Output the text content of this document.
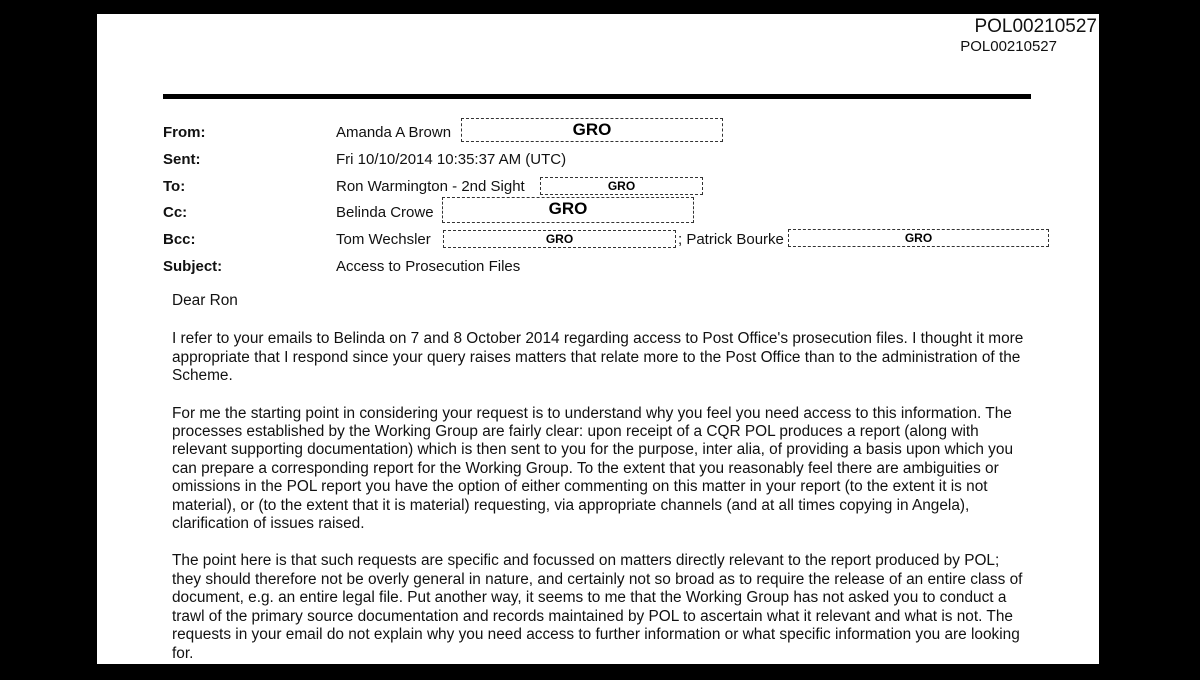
POL00210527
POL00210527
From:	Amanda A Brown	GRO
Sent:	Fri 10/10/2014 10:35:37 AM (UTC)
To:	Ron Warmington - 2nd Sight	GRO
Cc:	Belinda Crowe	GRO
Bcc:	Tom Wechsler	GRO	; Patrick Bourke	GRO
Subject:	Access to Prosecution Files

Dear Ron

I refer to your emails to Belinda on 7 and 8 October 2014 regarding access to Post Office's prosecution files. I thought it more appropriate that I respond since your query raises matters that relate more to the Post Office than to the administration of the Scheme.

For me the starting point in considering your request is to understand why you feel you need access to this information. The processes established by the Working Group are fairly clear: upon receipt of a CQR POL produces a report (along with relevant supporting documentation) which is then sent to you for the purpose, inter alia, of providing a basis upon which you can prepare a corresponding report for the Working Group. To the extent that you reasonably feel there are ambiguities or omissions in the POL report you have the option of either commenting on this matter in your report (to the extent it is not material), or (to the extent that it is material) requesting, via appropriate channels (and at all times copying in Angela), clarification of issues raised.

The point here is that such requests are specific and focussed on matters directly relevant to the report produced by POL; they should therefore not be overly general in nature, and certainly not so broad as to require the release of an entire class of document, e.g. an entire legal file. Put another way, it seems to me that the Working Group has not asked you to conduct a trawl of the primary source documentation and records maintained by POL to ascertain what it relevant and what is not. The requests in your email do not explain why you need access to further information or what specific information you are looking for.
